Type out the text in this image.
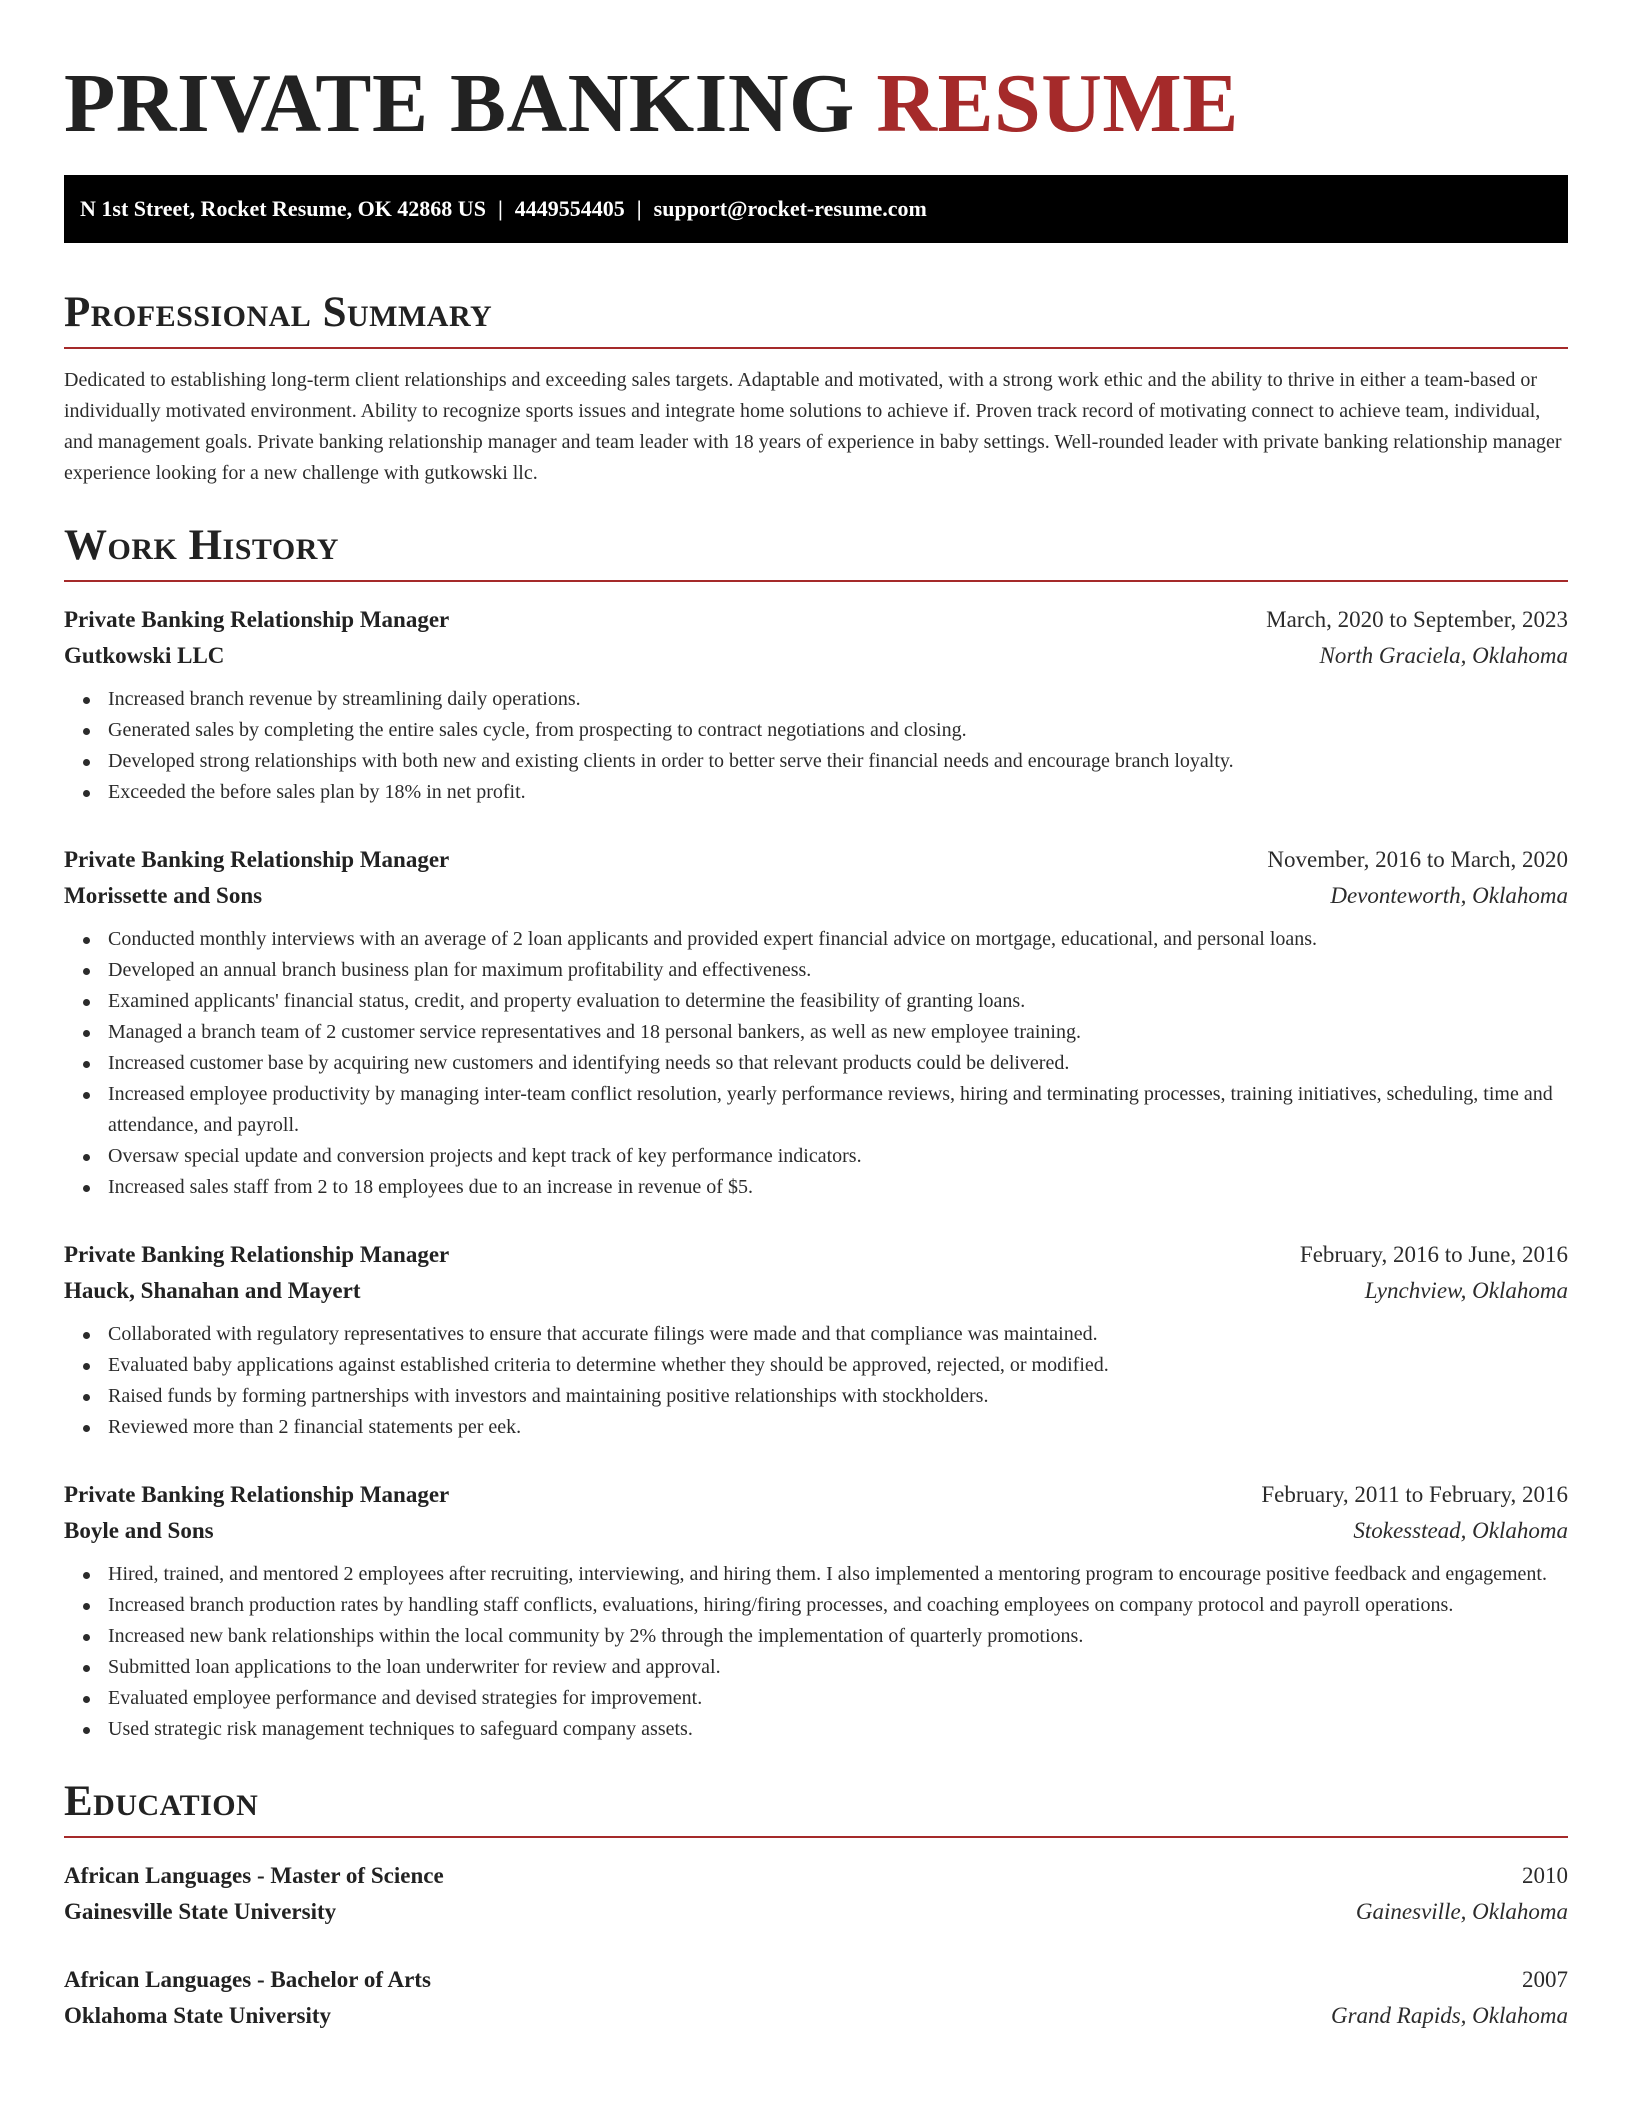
PRIVATE BANKING RESUME
N 1st Street, Rocket Resume, OK 42868 US | 4449554405 | support@rocket-resume.com
Professional Summary

Dedicated to establishing long-term client relationships and exceeding sales targets. Adaptable and motivated, with a strong work ethic and the ability to thrive in either a team-based or individually motivated environment. Ability to recognize sports issues and integrate home solutions to achieve if. Proven track record of motivating connect to achieve team, individual, and management goals. Private banking relationship manager and team leader with 18 years of experience in baby settings. Well-rounded leader with private banking relationship manager experience looking for a new challenge with gutkowski llc.

Work History
Private Banking Relationship Manager	March, 2020 to September, 2023
Gutkowski LLC	North Graciela, Oklahoma
Increased branch revenue by streamlining daily operations.
Generated sales by completing the entire sales cycle, from prospecting to contract negotiations and closing.
Developed strong relationships with both new and existing clients in order to better serve their financial needs and encourage branch loyalty.
Exceeded the before sales plan by 18% in net profit.
Private Banking Relationship Manager	November, 2016 to March, 2020
Morissette and Sons	Devonteworth, Oklahoma
Conducted monthly interviews with an average of 2 loan applicants and provided expert financial advice on mortgage, educational, and personal loans.
Developed an annual branch business plan for maximum profitability and effectiveness.
Examined applicants' financial status, credit, and property evaluation to determine the feasibility of granting loans.
Managed a branch team of 2 customer service representatives and 18 personal bankers, as well as new employee training.
Increased customer base by acquiring new customers and identifying needs so that relevant products could be delivered.
Increased employee productivity by managing inter-team conflict resolution, yearly performance reviews, hiring and terminating processes, training initiatives, scheduling, time and attendance, and payroll.
Oversaw special update and conversion projects and kept track of key performance indicators.
Increased sales staff from 2 to 18 employees due to an increase in revenue of $5.
Private Banking Relationship Manager	February, 2016 to June, 2016
Hauck, Shanahan and Mayert	Lynchview, Oklahoma
Collaborated with regulatory representatives to ensure that accurate filings were made and that compliance was maintained.
Evaluated baby applications against established criteria to determine whether they should be approved, rejected, or modified.
Raised funds by forming partnerships with investors and maintaining positive relationships with stockholders.
Reviewed more than 2 financial statements per eek.
Private Banking Relationship Manager	February, 2011 to February, 2016
Boyle and Sons	Stokesstead, Oklahoma
Hired, trained, and mentored 2 employees after recruiting, interviewing, and hiring them. I also implemented a mentoring program to encourage positive feedback and engagement.
Increased branch production rates by handling staff conflicts, evaluations, hiring/firing processes, and coaching employees on company protocol and payroll operations.
Increased new bank relationships within the local community by 2% through the implementation of quarterly promotions.
Submitted loan applications to the loan underwriter for review and approval.
Evaluated employee performance and devised strategies for improvement.
Used strategic risk management techniques to safeguard company assets.
Education
African Languages - Master of Science	2010
Gainesville State University	Gainesville, Oklahoma
African Languages - Bachelor of Arts	2007
Oklahoma State University	Grand Rapids, Oklahoma
